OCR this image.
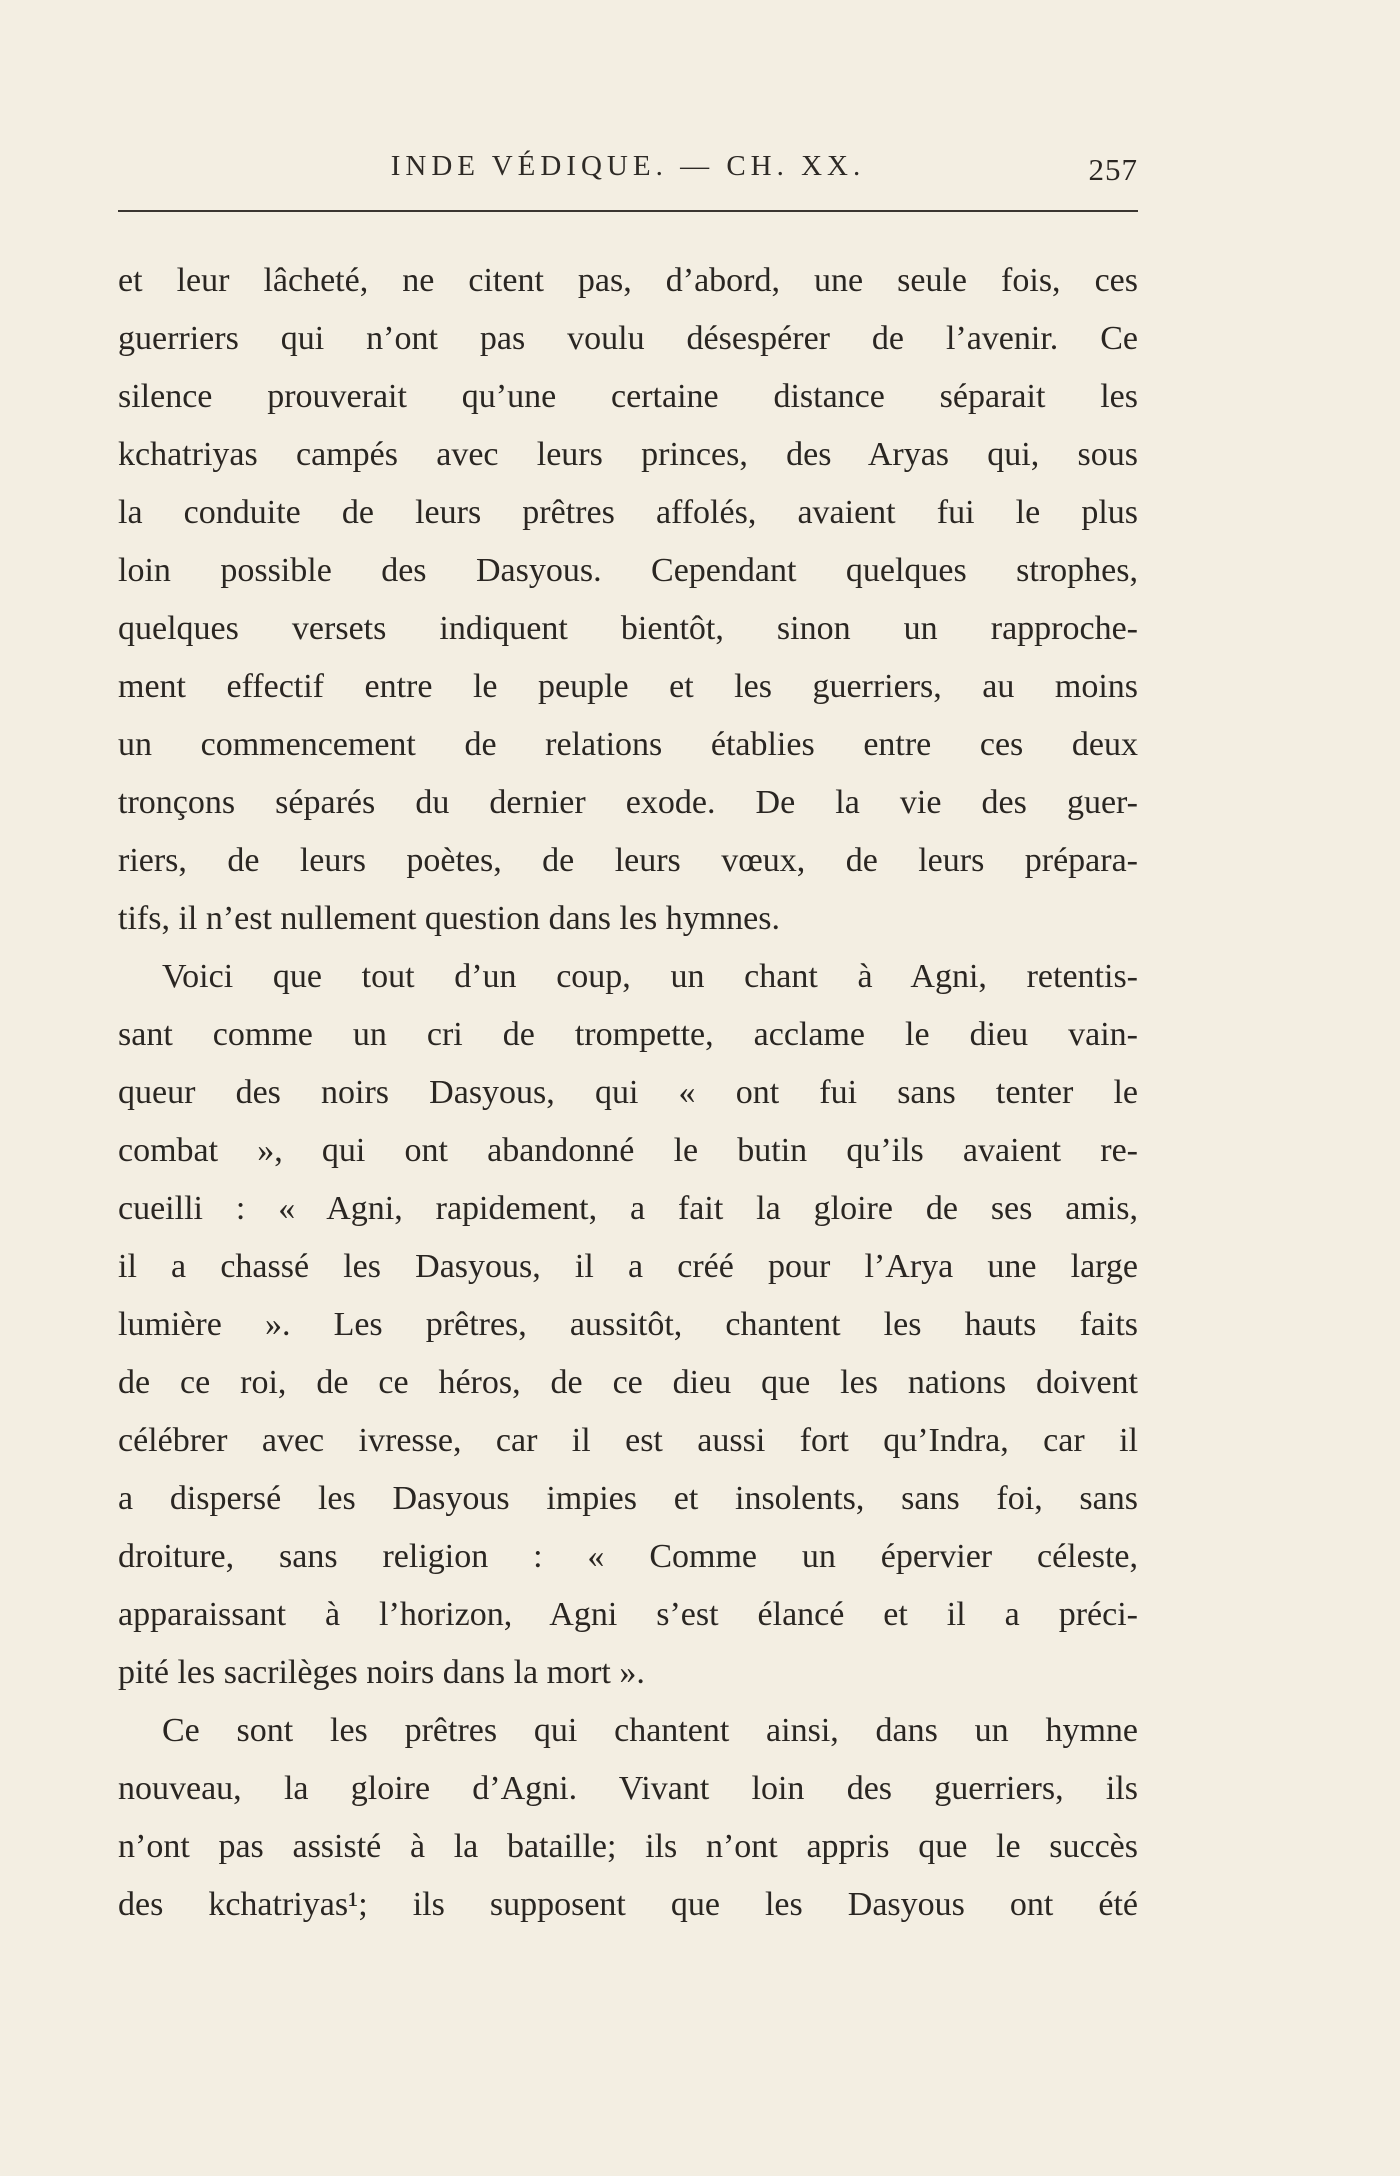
INDE VÉDIQUE. — CH. XX.	257
et leur lâcheté, ne citent pas, d’abord, une seule fois, ces
guerriers qui n’ont pas voulu désespérer de l’avenir. Ce
silence prouverait qu’une certaine distance séparait les
kchatriyas campés avec leurs princes, des Aryas qui, sous
la conduite de leurs prêtres affolés, avaient fui le plus
loin possible des Dasyous. Cependant quelques strophes,
quelques versets indiquent bientôt, sinon un rapproche-
ment effectif entre le peuple et les guerriers, au moins
un commencement de relations établies entre ces deux
tronçons séparés du dernier exode. De la vie des guer-
riers, de leurs poètes, de leurs vœux, de leurs prépara-
tifs, il n’est nullement question dans les hymnes.
Voici que tout d’un coup, un chant à Agni, retentis-
sant comme un cri de trompette, acclame le dieu vain-
queur des noirs Dasyous, qui « ont fui sans tenter le
combat », qui ont abandonné le butin qu’ils avaient re-
cueilli : « Agni, rapidement, a fait la gloire de ses amis,
il a chassé les Dasyous, il a créé pour l’Arya une large
lumière ». Les prêtres, aussitôt, chantent les hauts faits
de ce roi, de ce héros, de ce dieu que les nations doivent
célébrer avec ivresse, car il est aussi fort qu’Indra, car il
a dispersé les Dasyous impies et insolents, sans foi, sans
droiture, sans religion : « Comme un épervier céleste,
apparaissant à l’horizon, Agni s’est élancé et il a préci-
pité les sacrilèges noirs dans la mort ».
Ce sont les prêtres qui chantent ainsi, dans un hymne
nouveau, la gloire d’Agni. Vivant loin des guerriers, ils
n’ont pas assisté à la bataille; ils n’ont appris que le succès
des kchatriyas¹; ils supposent que les Dasyous ont été
